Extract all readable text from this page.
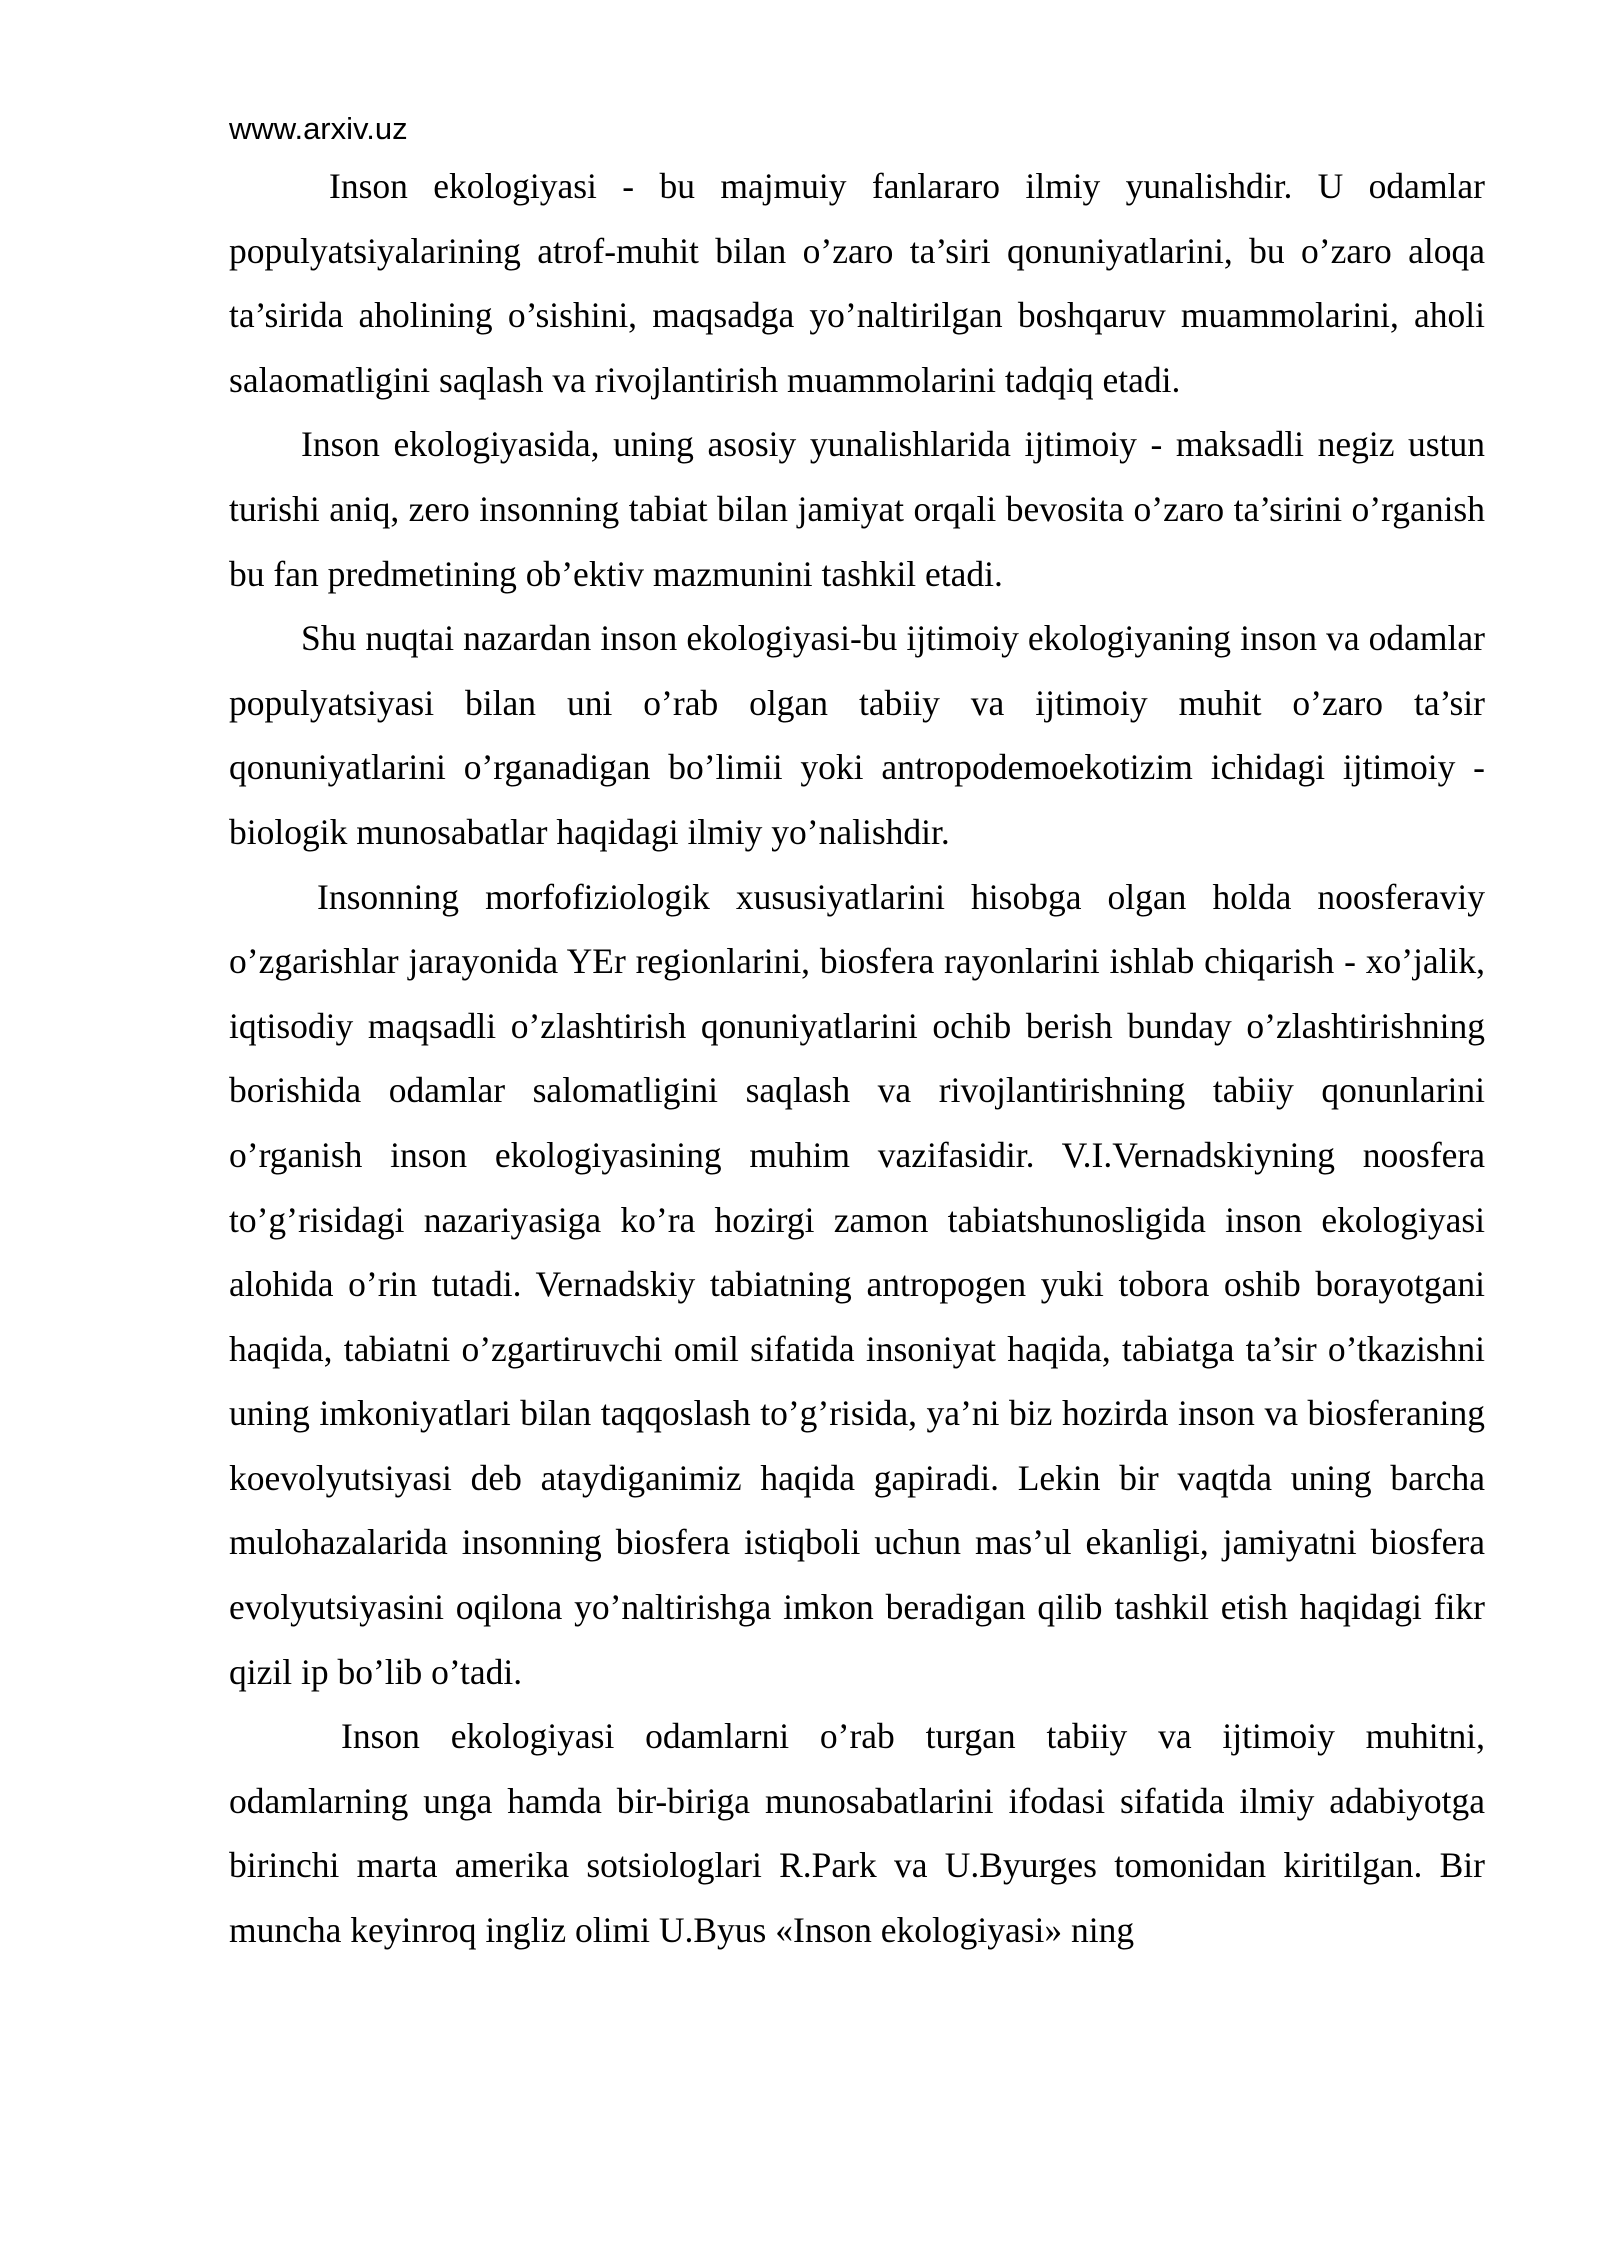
www.arxiv.uz

Inson ekologiyasi - bu majmuiy fanlararo ilmiy yunalishdir. U odamlar populyatsiyalarining atrof-muhit bilan o’zaro ta’siri qonuniyatlarini, bu o’zaro aloqa ta’sirida aholining o’sishini, maqsadga yo’naltirilgan boshqaruv muammolarini, aholi salaomatligini saqlash va rivojlantirish muammolarini tadqiq etadi.

Inson ekologiyasida, uning asosiy yunalishlarida ijtimoiy - maksadli negiz ustun turishi aniq, zero insonning tabiat bilan jamiyat orqali bevosita o’zaro ta’sirini o’rganish bu fan predmetining ob’ektiv mazmunini tashkil etadi.

Shu nuqtai nazardan inson ekologiyasi-bu ijtimoiy ekologiyaning inson va odamlar populyatsiyasi bilan uni o’rab olgan tabiiy va ijtimoiy muhit o’zaro ta’sir qonuniyatlarini o’rganadigan bo’limii yoki antropodemoekotizim ichidagi ijtimoiy - biologik munosabatlar haqidagi ilmiy yo’nalishdir.

Insonning morfofiziologik xususiyatlarini hisobga olgan holda noosferaviy o’zgarishlar jarayonida YEr regionlarini, biosfera rayonlarini ishlab chiqarish - xo’jalik, iqtisodiy maqsadli o’zlashtirish qonuniyatlarini ochib berish bunday o’zlashtirishning borishida odamlar salomatligini saqlash va rivojlantirishning tabiiy qonunlarini o’rganish inson ekologiyasining muhim vazifasidir. V.I.Vernadskiyning noosfera to’g’risidagi nazariyasiga ko’ra hozirgi zamon tabiatshunosligida inson ekologiyasi alohida o’rin tutadi. Vernadskiy tabiatning antropogen yuki tobora oshib borayotgani haqida, tabiatni o’zgartiruvchi omil sifatida insoniyat haqida, tabiatga ta’sir o’tkazishni uning imkoniyatlari bilan taqqoslash to’g’risida, ya’ni biz hozirda inson va biosferaning koevolyutsiyasi deb ataydiganimiz haqida gapiradi. Lekin bir vaqtda uning barcha mulohazalarida insonning biosfera istiqboli uchun mas’ul ekanligi, jamiyatni biosfera evolyutsiyasini oqilona yo’naltirishga imkon beradigan qilib tashkil etish haqidagi fikr qizil ip bo’lib o’tadi.

Inson ekologiyasi odamlarni o’rab turgan tabiiy va ijtimoiy muhitni, odamlarning unga hamda bir-biriga munosabatlarini ifodasi sifatida ilmiy adabiyotga birinchi marta amerika sotsiologlari R.Park va U.Byurges tomonidan kiritilgan. Bir muncha keyinroq ingliz olimi U.Byus «Inson ekologiyasi» ning
